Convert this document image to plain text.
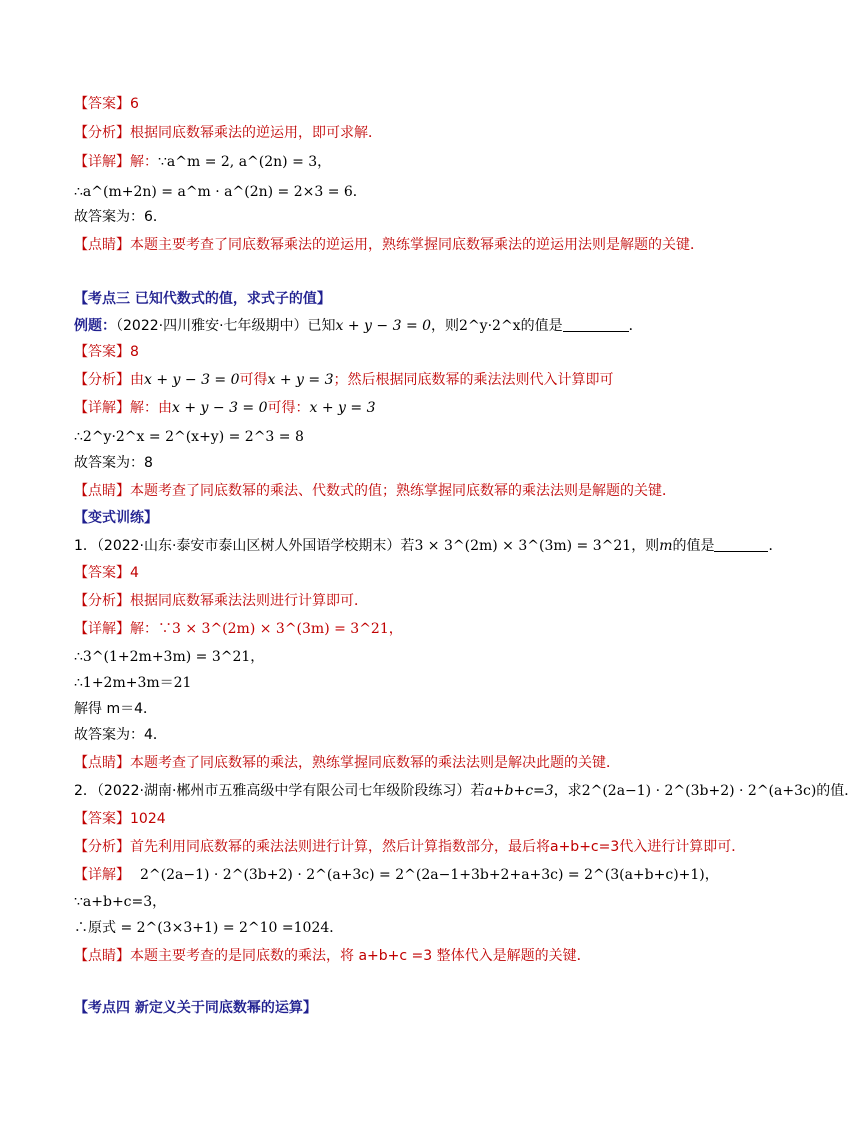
【答案】6
【分析】根据同底数幂乘法的逆运用，即可求解．
【详解】解：∵a^m = 2, a^(2n) = 3，
∴a^(m+2n) = a^m · a^(2n) = 2×3 = 6．
故答案为：6．
【点睛】本题主要考查了同底数幂乘法的逆运用，熟练掌握同底数幂乘法的逆运用法则是解题的关键．
【考点三 已知代数式的值，求式子的值】
例题：（2022·四川雅安·七年级期中）已知x + y − 3 = 0，则2^y·2^x的值是	．
【答案】8
【分析】由x + y − 3 = 0可得x + y = 3；然后根据同底数幂的乘法法则代入计算即可
【详解】解：由x + y − 3 = 0可得：x + y = 3
∴2^y·2^x = 2^(x+y) = 2^3 = 8
故答案为：8
【点睛】本题考查了同底数幂的乘法、代数式的值；熟练掌握同底数幂的乘法法则是解题的关键．
【变式训练】
1．（2022·山东·泰安市泰山区树人外国语学校期末）若3 × 3^(2m) × 3^(3m) = 3^21，则m的值是	．
【答案】4
【分析】根据同底数幂乘法法则进行计算即可．
【详解】解：∵3 × 3^(2m) × 3^(3m) = 3^21，
∴3^(1+2m+3m) = 3^21，
∴1+2m+3m＝21
解得 m＝4．
故答案为：4．
【点睛】本题考查了同底数幂的乘法，熟练掌握同底数幂的乘法法则是解决此题的关键．
2．（2022·湖南·郴州市五雅高级中学有限公司七年级阶段练习）若a+b+c=3，求2^(2a−1) · 2^(3b+2) · 2^(a+3c)的值．
【答案】1024
【分析】首先利用同底数幂的乘法法则进行计算，然后计算指数部分，最后将a+b+c=3代入进行计算即可．
【详解】 2^(2a−1) · 2^(3b+2) · 2^(a+3c) = 2^(2a−1+3b+2+a+3c) = 2^(3(a+b+c)+1)，
∵a+b+c=3，
∴原式 = 2^(3×3+1) = 2^10 =1024．
【点睛】本题主要考查的是同底数的乘法，将 a+b+c =3 整体代入是解题的关键．
【考点四 新定义关于同底数幂的运算】
